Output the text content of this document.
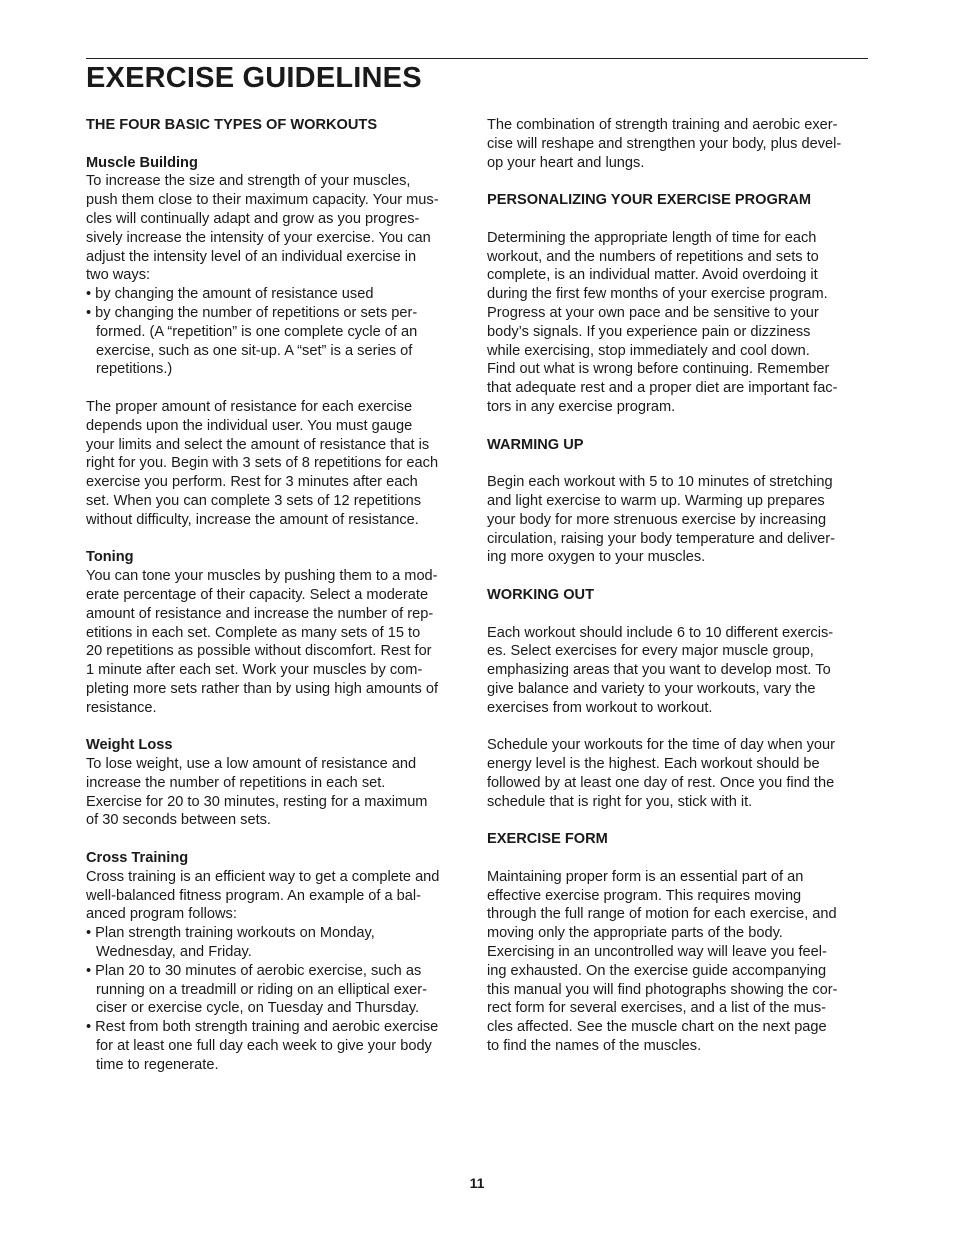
EXERCISE GUIDELINES

THE FOUR BASIC TYPES OF WORKOUTS

Muscle Building

To increase the size and strength of your muscles,
push them close to their maximum capacity. Your mus-
cles will continually adapt and grow as you progres-
sively increase the intensity of your exercise. You can
adjust the intensity level of an individual exercise in
two ways:

• by changing the amount of resistance used

• by changing the number of repetitions or sets per-
formed. (A “repetition” is one complete cycle of an
exercise, such as one sit-up. A “set” is a series of
repetitions.)

The proper amount of resistance for each exercise
depends upon the individual user. You must gauge
your limits and select the amount of resistance that is
right for you. Begin with 3 sets of 8 repetitions for each
exercise you perform. Rest for 3 minutes after each
set. When you can complete 3 sets of 12 repetitions
without difficulty, increase the amount of resistance.

Toning

You can tone your muscles by pushing them to a mod-
erate percentage of their capacity. Select a moderate
amount of resistance and increase the number of rep-
etitions in each set. Complete as many sets of 15 to
20 repetitions as possible without discomfort. Rest for
1 minute after each set. Work your muscles by com-
pleting more sets rather than by using high amounts of
resistance.

Weight Loss

To lose weight, use a low amount of resistance and
increase the number of repetitions in each set.
Exercise for 20 to 30 minutes, resting for a maximum
of 30 seconds between sets.

Cross Training

Cross training is an efficient way to get a complete and
well-balanced fitness program. An example of a bal-
anced program follows:

• Plan strength training workouts on Monday,
Wednesday, and Friday.

• Plan 20 to 30 minutes of aerobic exercise, such as
running on a treadmill or riding on an elliptical exer-
ciser or exercise cycle, on Tuesday and Thursday.

• Rest from both strength training and aerobic exercise
for at least one full day each week to give your body
time to regenerate.

The combination of strength training and aerobic exer-
cise will reshape and strengthen your body, plus devel-
op your heart and lungs.

PERSONALIZING YOUR EXERCISE PROGRAM

Determining the appropriate length of time for each
workout, and the numbers of repetitions and sets to
complete, is an individual matter. Avoid overdoing it
during the first few months of your exercise program.
Progress at your own pace and be sensitive to your
body’s signals. If you experience pain or dizziness
while exercising, stop immediately and cool down.
Find out what is wrong before continuing. Remember
that adequate rest and a proper diet are important fac-
tors in any exercise program.

WARMING UP

Begin each workout with 5 to 10 minutes of stretching
and light exercise to warm up. Warming up prepares
your body for more strenuous exercise by increasing
circulation, raising your body temperature and deliver-
ing more oxygen to your muscles.

WORKING OUT

Each workout should include 6 to 10 different exercis-
es. Select exercises for every major muscle group,
emphasizing areas that you want to develop most. To
give balance and variety to your workouts, vary the
exercises from workout to workout.

Schedule your workouts for the time of day when your
energy level is the highest. Each workout should be
followed by at least one day of rest. Once you find the
schedule that is right for you, stick with it.

EXERCISE FORM

Maintaining proper form is an essential part of an
effective exercise program. This requires moving
through the full range of motion for each exercise, and
moving only the appropriate parts of the body.
Exercising in an uncontrolled way will leave you feel-
ing exhausted. On the exercise guide accompanying
this manual you will find photographs showing the cor-
rect form for several exercises, and a list of the mus-
cles affected. See the muscle chart on the next page
to find the names of the muscles.

11
